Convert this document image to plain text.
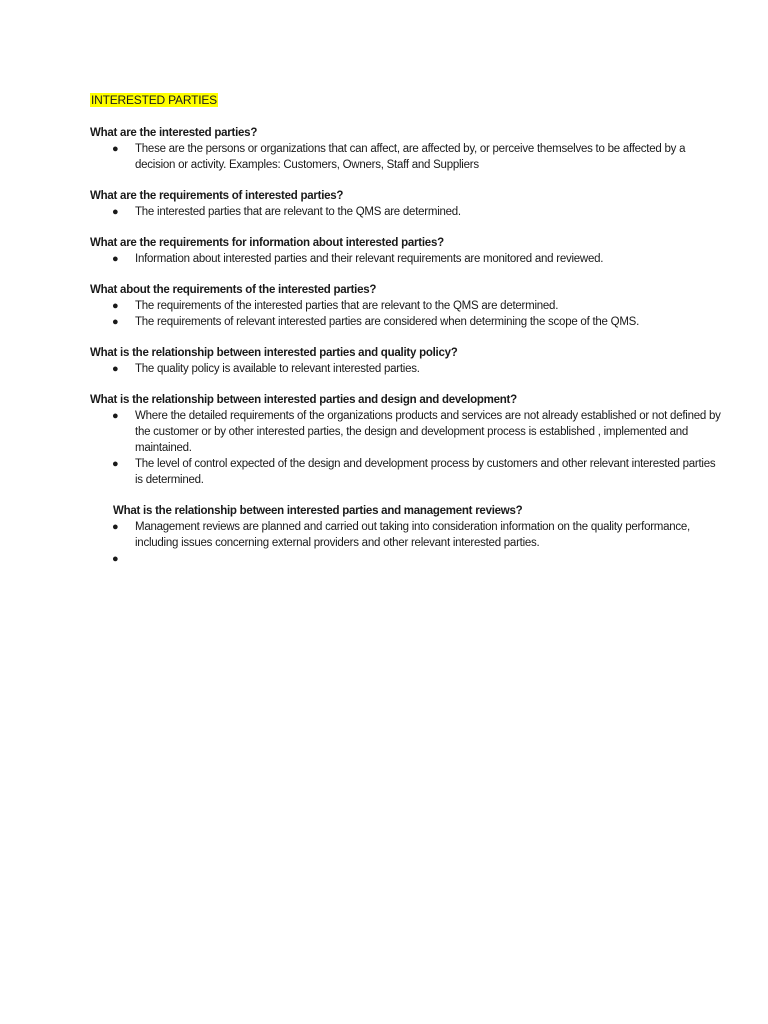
INTERESTED PARTIES

What are the interested parties?

● These are the persons or organizations that can affect, are affected by, or perceive themselves to be affected by a decision or activity. Examples: Customers, Owners, Staff and Suppliers

What are the requirements of interested parties?

● The interested parties that are relevant to the QMS are determined.

What are the requirements for information about interested parties?

● Information about interested parties and their relevant requirements are monitored and reviewed.

What about the requirements of the interested parties?

● The requirements of the interested parties that are relevant to the QMS are determined.
● The requirements of relevant interested parties are considered when determining the scope of the QMS.

What is the relationship between interested parties and quality policy?

● The quality policy is available to relevant interested parties.

What is the relationship between interested parties and design and development?

● Where the detailed requirements of the organizations products and services are not already established or not defined by the customer or by other interested parties, the design and development process is established , implemented and maintained.
● The level of control expected of the design and development process by customers and other relevant interested parties is determined.

What is the relationship between interested parties and management reviews?

● Management reviews are planned and carried out taking into consideration information on the quality performance, including issues concerning external providers and other relevant interested parties.
●
